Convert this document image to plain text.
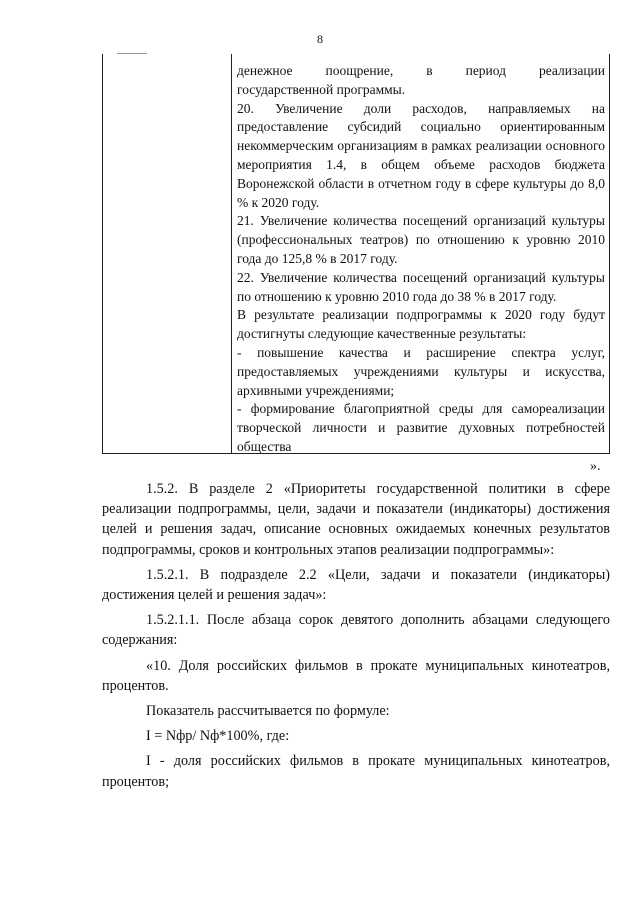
8

денежное поощрение, в период реализации

государственной программы.

20. Увеличение доли расходов, направляемых на предоставление субсидий социально ориентированным некоммерческим организациям в рамках реализации основного мероприятия 1.4, в общем объеме расходов бюджета Воронежской области в отчетном году в сфере культуры до 8,0 % к 2020 году.

21. Увеличение количества посещений организаций культуры (профессиональных театров) по отношению к уровню 2010 года до 125,8 % в 2017 году.

22. Увеличение количества посещений организаций культуры по отношению к уровню 2010 года до 38 % в 2017 году.

В результате реализации подпрограммы к 2020 году будут достигнуты следующие качественные результаты:

- повышение качества и расширение спектра услуг, предоставляемых учреждениями культуры и искусства, архивными учреждениями;

- формирование благоприятной среды для самореализации творческой личности и развитие духовных потребностей общества

».

1.5.2. В разделе 2 «Приоритеты государственной политики в сфере реализации подпрограммы, цели, задачи и показатели (индикаторы) достижения целей и решения задач, описание основных ожидаемых конечных результатов подпрограммы, сроков и контрольных этапов реализации подпрограммы»:

1.5.2.1. В подразделе 2.2 «Цели, задачи и показатели (индикаторы) достижения целей и решения задач»:

1.5.2.1.1. После абзаца сорок девятого дополнить абзацами следующего содержания:

«10. Доля российских фильмов в прокате муниципальных кинотеатров, процентов.

Показатель рассчитывается по формуле:

I = Nфр/ Nф*100%, где:

I - доля российских фильмов в прокате муниципальных кинотеатров, процентов;
